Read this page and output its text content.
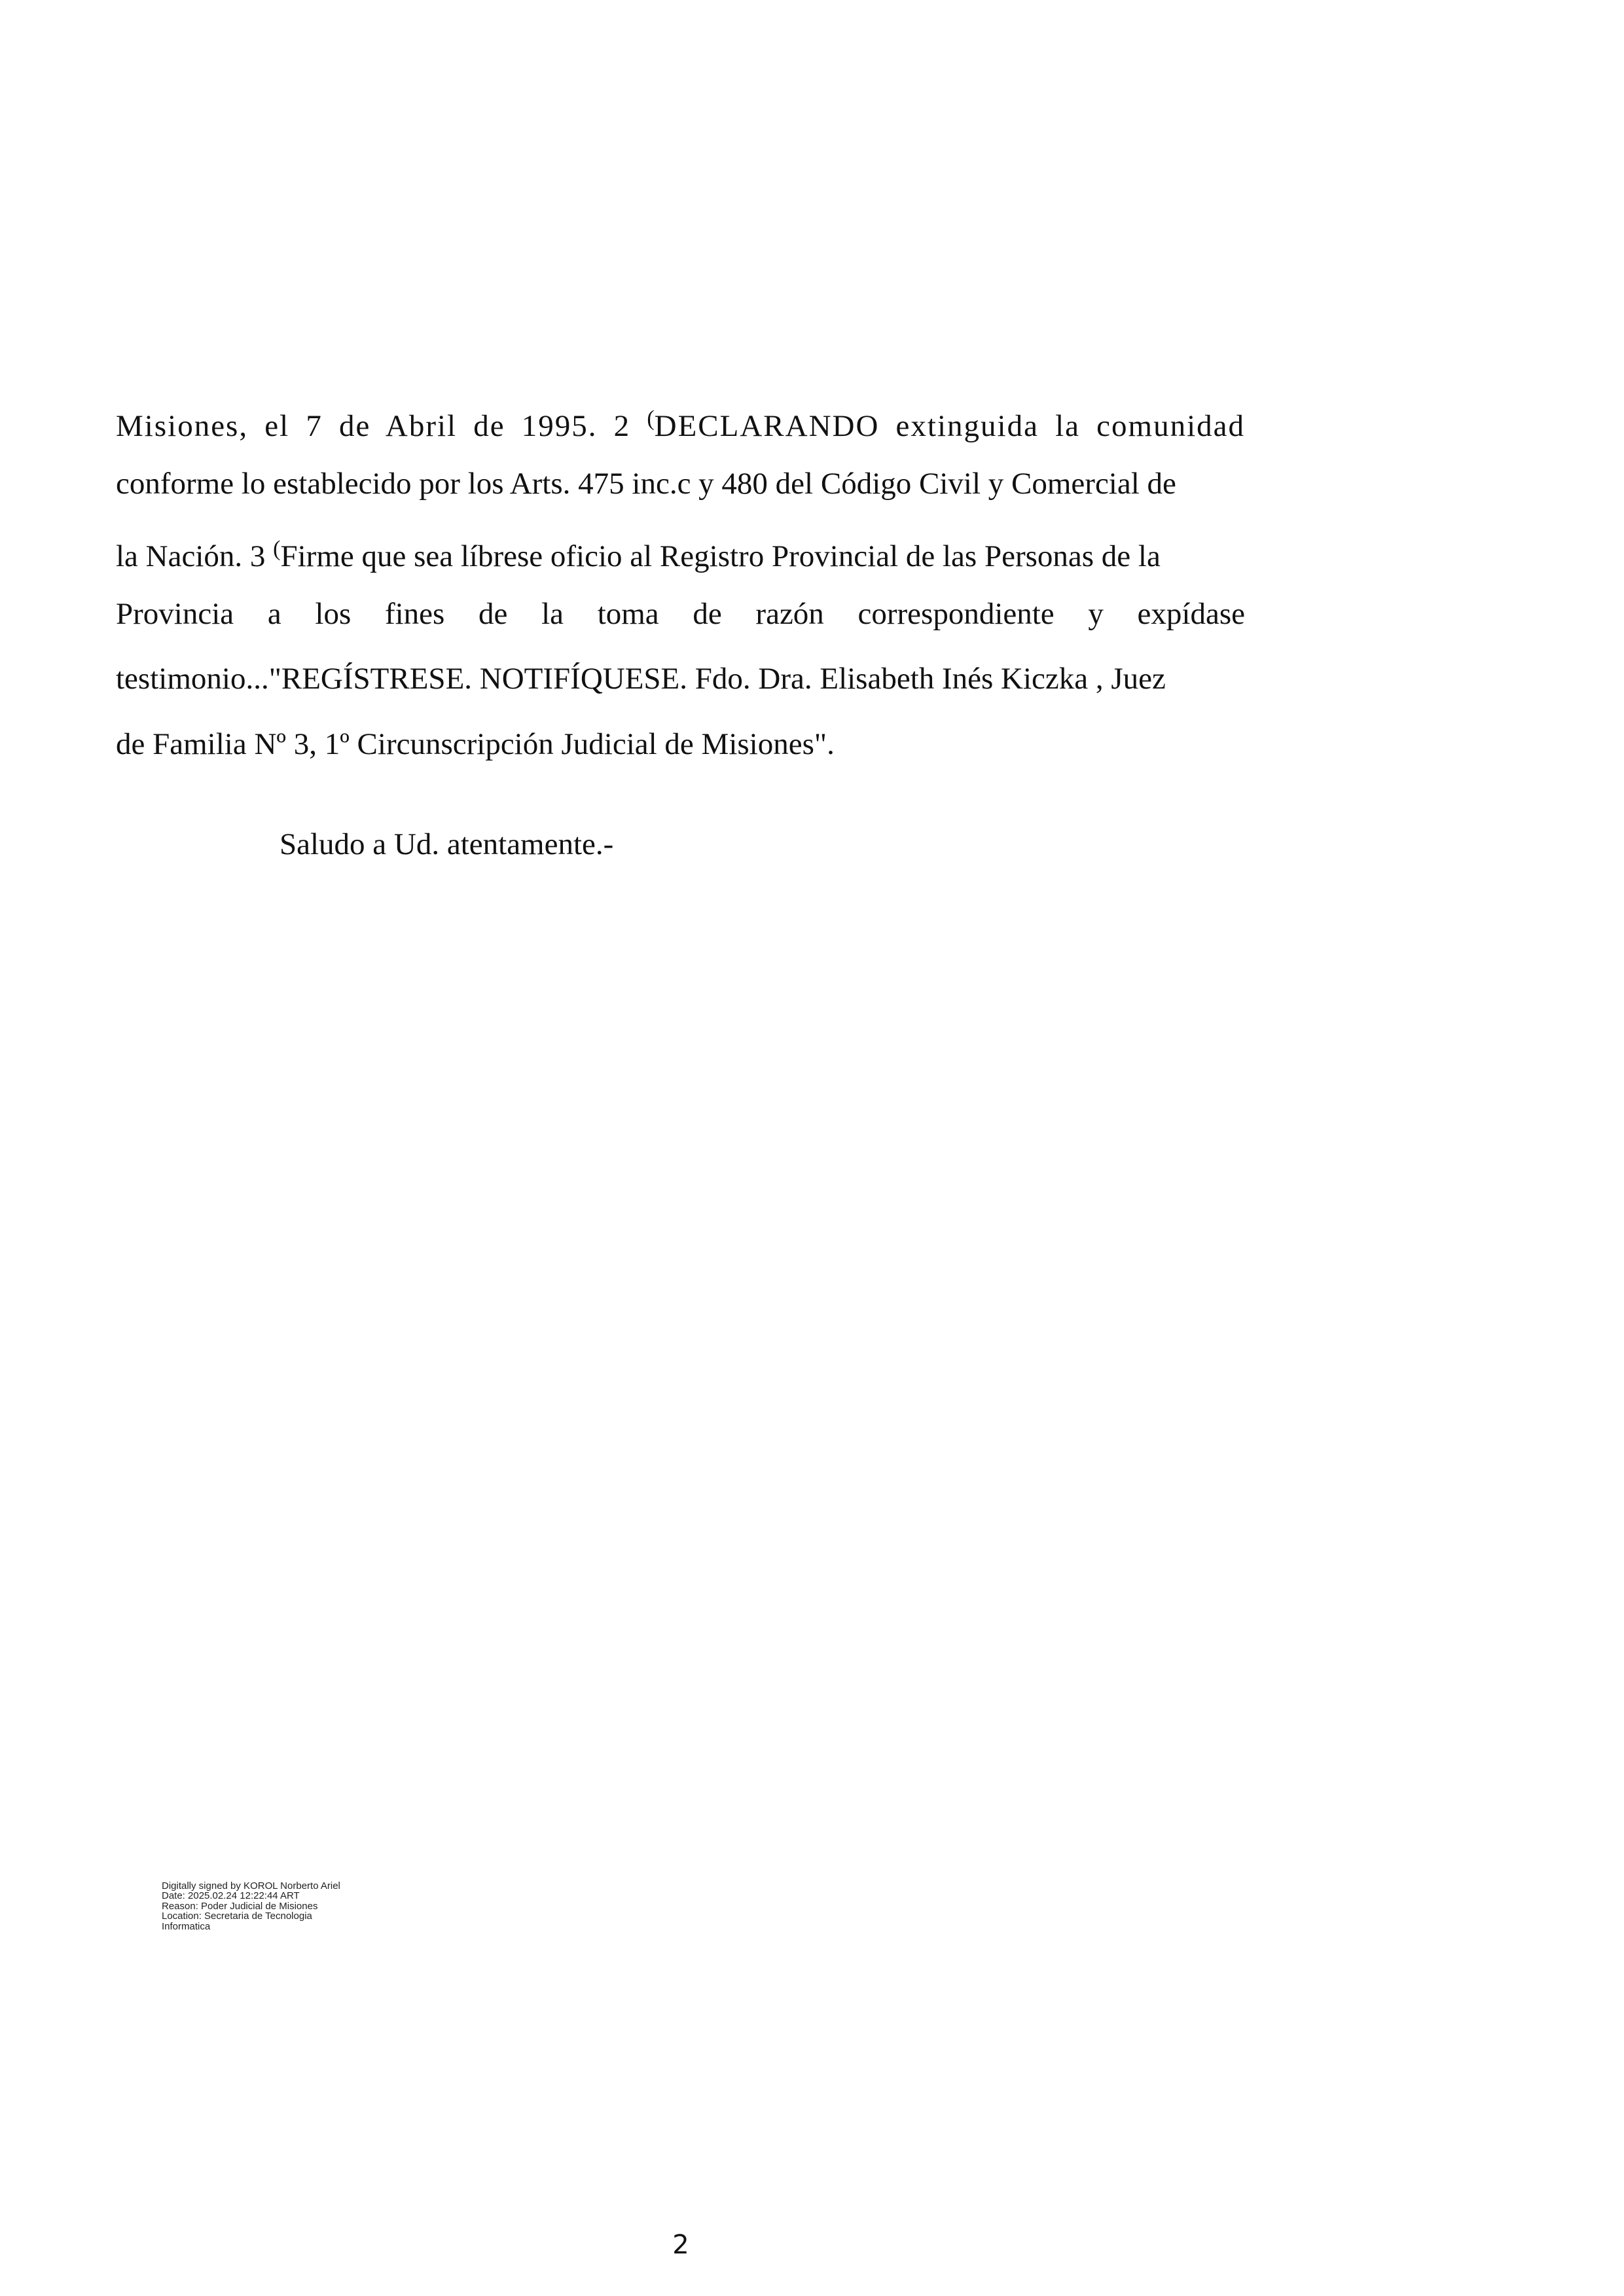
Misiones, el 7 de Abril de 1995. 2 (DECLARANDO extinguida la comunidad
conforme lo establecido por los Arts. 475 inc.c y 480 del Código Civil y Comercial de
la Nación. 3 (Firme que sea líbrese oficio al Registro Provincial de las Personas de la
Provincia a los fines de la toma de razón correspondiente y expídase
testimonio..."REGÍSTRESE. NOTIFÍQUESE. Fdo. Dra. Elisabeth Inés Kiczka , Juez
de Familia Nº 3, 1º Circunscripción Judicial de Misiones".
Saludo a Ud. atentamente.-
Digitally signed by KOROL Norberto Ariel
Date: 2025.02.24 12:22:44 ART
Reason: Poder Judicial de Misiones
Location: Secretaria de Tecnologia
Informatica
2
